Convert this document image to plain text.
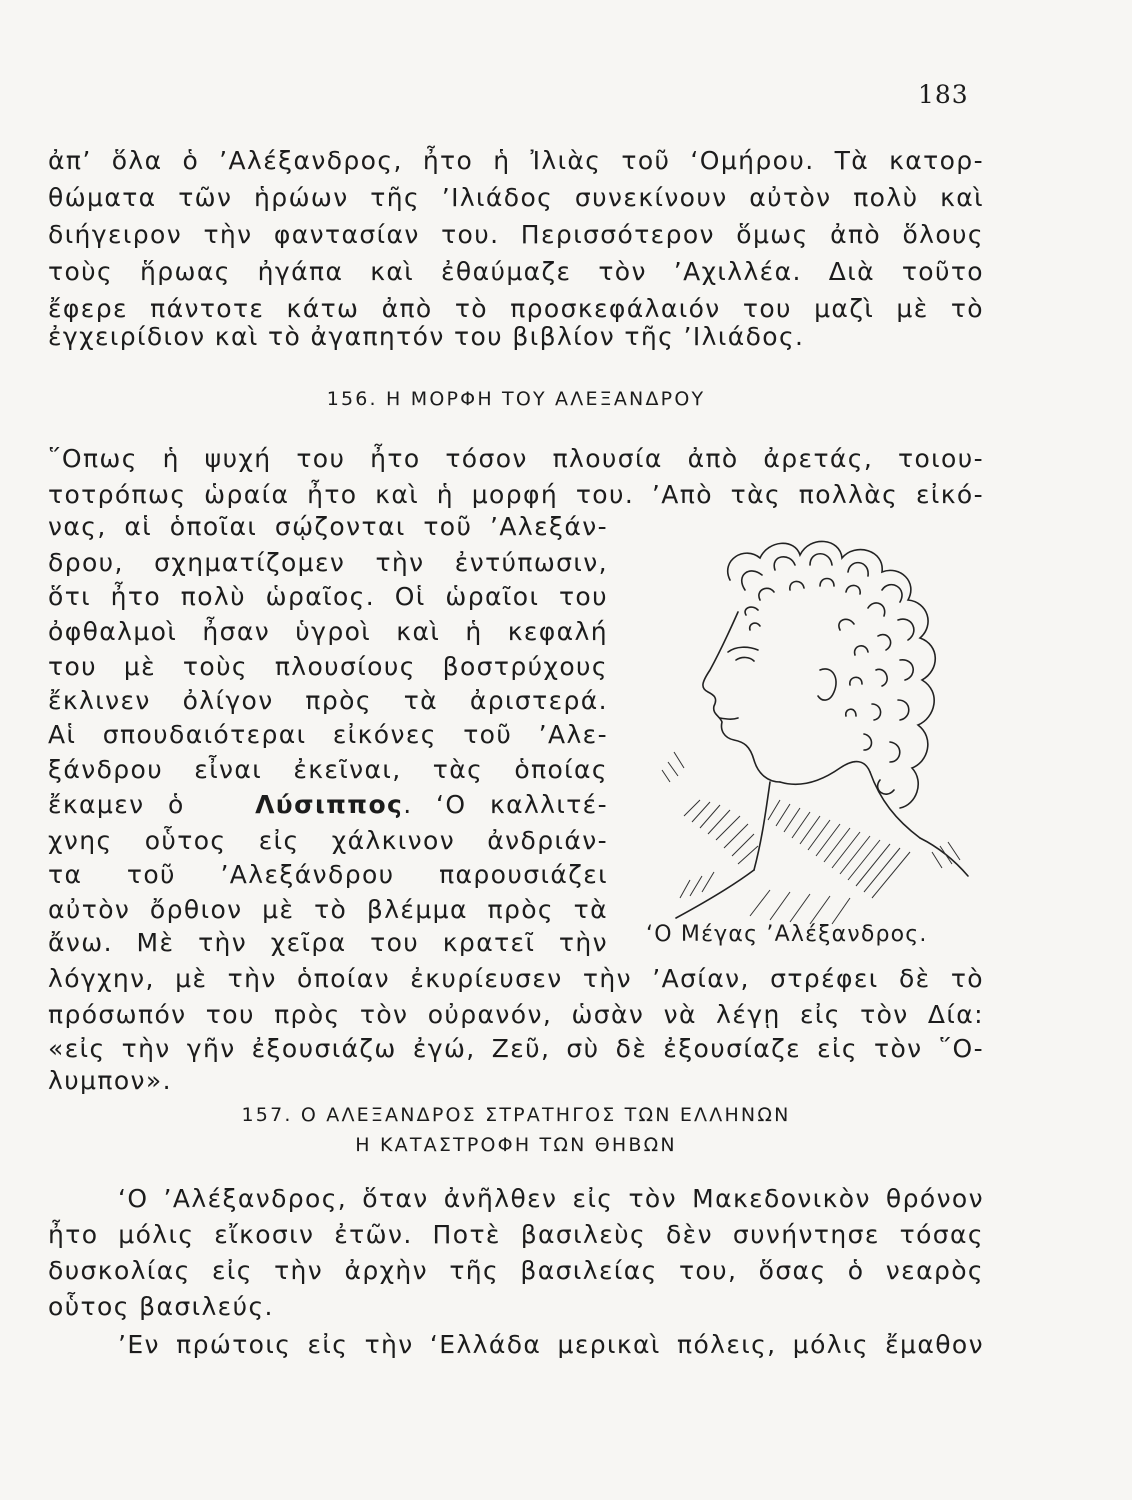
183
ἀπ’ ὅλα ὁ ’Αλέξανδρος, ἦτο ἡ Ἰλιὰς τοῦ ‘Ομήρου. Τὰ κατορ-
θώματα τῶν ἡρώων τῆς ’Ιλιάδος συνεκίνουν αὐτὸν πολὺ καὶ
διήγειρον τὴν φαντασίαν του. Περισσότερον ὅμως ἀπὸ ὅλους
τοὺς ἥρωας ἠγάπα καὶ ἐθαύμαζε τὸν ’Αχιλλέα. Διὰ τοῦτο
ἔφερε πάντοτε κάτω ἀπὸ τὸ προσκεφάλαιόν του μαζὶ μὲ τὸ
ἐγχειρίδιον καὶ τὸ ἀγαπητόν του βιβλίον τῆς ’Ιλιάδος.
156. Η ΜΟΡΦΗ ΤΟΥ ΑΛΕΞΑΝΔΡΟΥ
῞Οπως ἡ ψυχή του ἦτο τόσον πλουσία ἀπὸ ἀρετάς, τοιου-
τοτρόπως ὡραία ἦτο καὶ ἡ μορφή του. ’Απὸ τὰς πολλὰς εἰκό-
νας, αἱ ὁποῖαι σῴζονται τοῦ ’Αλεξάν-
δρου, σχηματίζομεν τὴν ἐντύπωσιν,
ὅτι ἦτο πολὺ ὡραῖος. Οἱ ὡραῖοι του
ὀφθαλμοὶ ἦσαν ὑγροὶ καὶ ἡ κεφαλή
του μὲ τοὺς πλουσίους βοστρύχους
ἔκλινεν ὀλίγον πρὸς τὰ ἀριστερά.
Αἱ σπουδαιότεραι εἰκόνες τοῦ ’Αλε-
ξάνδρου εἶναι ἐκεῖναι, τὰς ὁποίας
ἔκαμεν ὁ	Λύσιππος. ‘Ο καλλιτέ-
χνης οὗτος εἰς χάλκινον ἀνδριάν-
τα τοῦ ’Αλεξάνδρου παρουσιάζει
αὐτὸν ὄρθιον μὲ τὸ βλέμμα πρὸς τὰ
ἄνω. Μὲ τὴν χεῖρα του κρατεῖ τὴν
λόγχην, μὲ τὴν ὁποίαν ἐκυρίευσεν τὴν ’Ασίαν, στρέφει δὲ τὸ
πρόσωπόν του πρὸς τὸν οὐρανόν, ὡσὰν νὰ λέγῃ εἰς τὸν Δία:
«εἰς τὴν γῆν ἐξουσιάζω ἐγώ, Ζεῦ, σὺ δὲ ἐξουσίαζε εἰς τὸν ῞Ο-
λυμπον».
‘Ο Μέγας ’Αλέξανδρος.
157. Ο ΑΛΕΞΑΝΔΡΟΣ ΣΤΡΑΤΗΓΟΣ ΤΩΝ ΕΛΛΗΝΩΝ
Η ΚΑΤΑΣΤΡΟΦΗ ΤΩΝ ΘΗΒΩΝ
‘Ο ’Αλέξανδρος, ὅταν ἀνῆλθεν εἰς τὸν Μακεδονικὸν θρόνον
ἦτο μόλις εἴκοσιν ἐτῶν. Ποτὲ βασιλεὺς δὲν συνήντησε τόσας
δυσκολίας εἰς τὴν ἀρχὴν τῆς βασιλείας του, ὅσας ὁ νεαρὸς
οὗτος βασιλεύς.
’Εν πρώτοις εἰς τὴν ‘Ελλάδα μερικαὶ πόλεις, μόλις ἔμαθον
